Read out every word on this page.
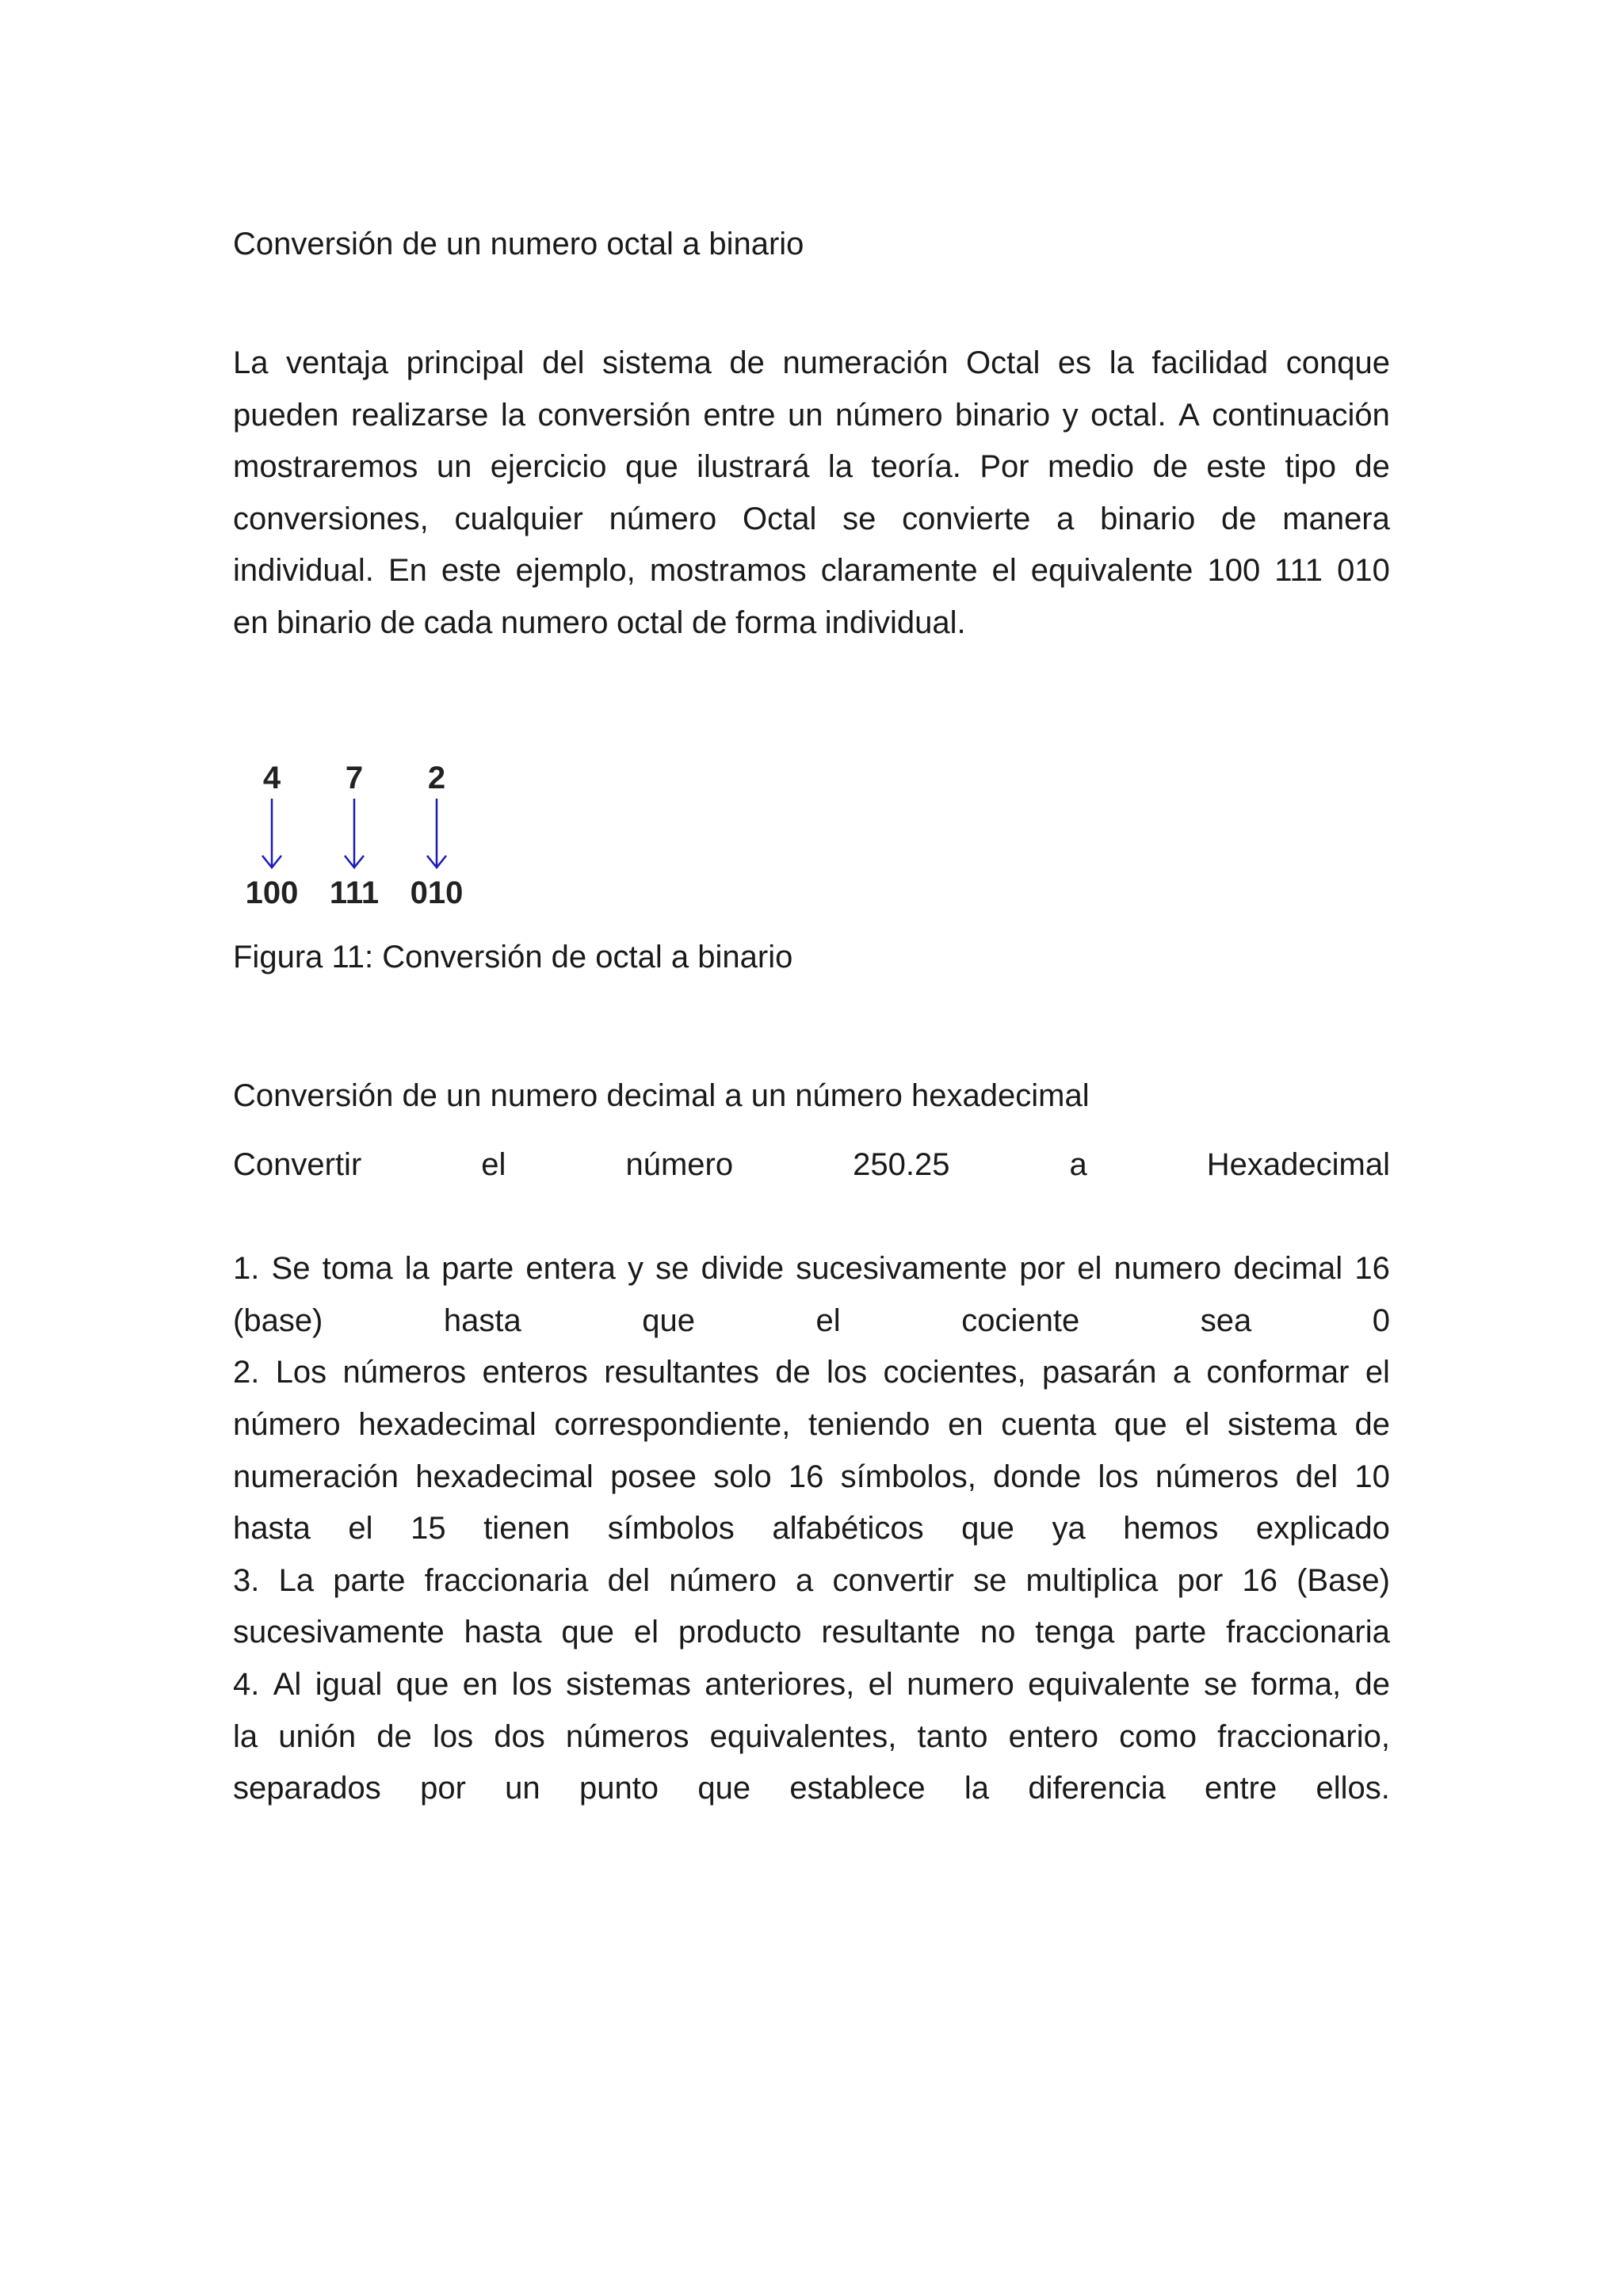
Conversión de un numero octal a binario
La ventaja principal del sistema de numeración Octal es la facilidad conque
pueden realizarse la conversión entre un número binario y octal. A continuación
mostraremos un ejercicio que ilustrará la teoría. Por medio de este tipo de
conversiones, cualquier número Octal se convierte a binario de manera
individual. En este ejemplo, mostramos claramente el equivalente 100 111 010
en binario de cada numero octal de forma individual.
4
100
7
111
2
010
Figura 11: Conversión de octal a binario
Conversión de un numero decimal a un número hexadecimal
Convertir	el	número	250.25	a	Hexadecimal

1. Se toma la parte entera y se divide sucesivamente por el numero decimal 16
(base)	hasta	que	el	cociente	sea	0
2. Los números enteros resultantes de los cocientes, pasarán a conformar el
número hexadecimal correspondiente, teniendo en cuenta que el sistema de
numeración hexadecimal posee solo 16 símbolos, donde los números del 10
hasta el 15 tienen símbolos alfabéticos que ya hemos explicado
3. La parte fraccionaria del número a convertir se multiplica por 16 (Base)
sucesivamente hasta que el producto resultante no tenga parte fraccionaria
4. Al igual que en los sistemas anteriores, el numero equivalente se forma, de
la unión de los dos números equivalentes, tanto entero como fraccionario,
separados por un punto que establece la diferencia entre ellos.
